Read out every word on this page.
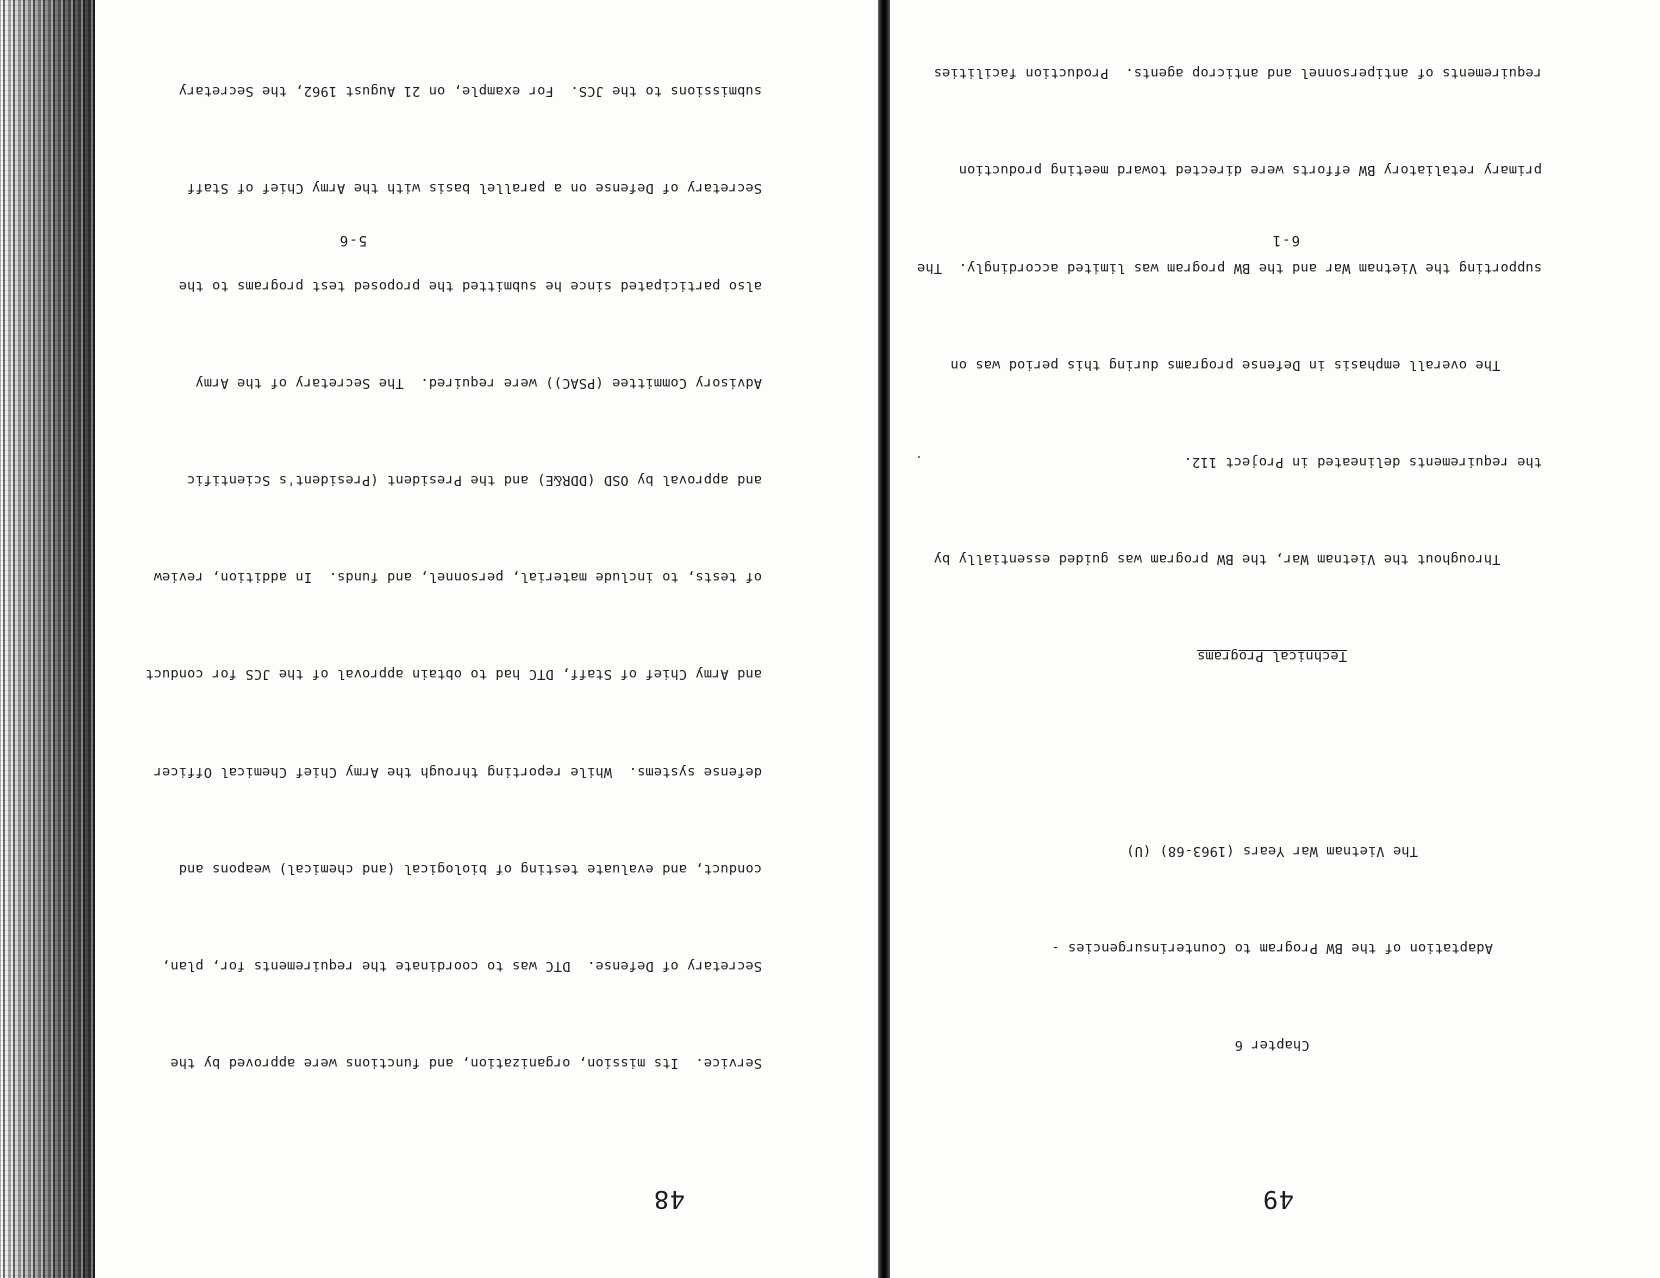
49

Chapter 6

Adaptation of the BW Program to Counterinsurgencies -

The Vietnam War Years (1963-68) (U)

Technical Programs

Throughout the Vietnam War, the BW program was guided essentially by

the requirements delineated in Project 112.

The overall emphasis in Defense programs during this period was on

supporting the Vietnam War and the BW program was limited accordingly.  The

primary retaliatory BW efforts were directed toward meeting production

requirements of antipersonnel and anticrop agents.  Production facilities

6-1
48

Service.  Its mission, organization, and functions were approved by the

Secretary of Defense.  DTC was to coordinate the requirements for, plan,

conduct, and evaluate testing of biological (and chemical) weapons and

defense systems.  While reporting through the Army Chief Chemical Officer

and Army Chief of Staff, DTC had to obtain approval of the JCS for conduct

of tests, to include material, personnel, and funds.  In addition, review

and approval by OSD (DDR&E) and the President (President's Scientific

Advisory Committee (PSAC)) were required.  The Secretary of the Army

also participated since he submitted the proposed test programs to the

Secretary of Defense on a parallel basis with the Army Chief of Staff

submissions to the JCS.  For example, on 21 August 1962, the Secretary

5-6
